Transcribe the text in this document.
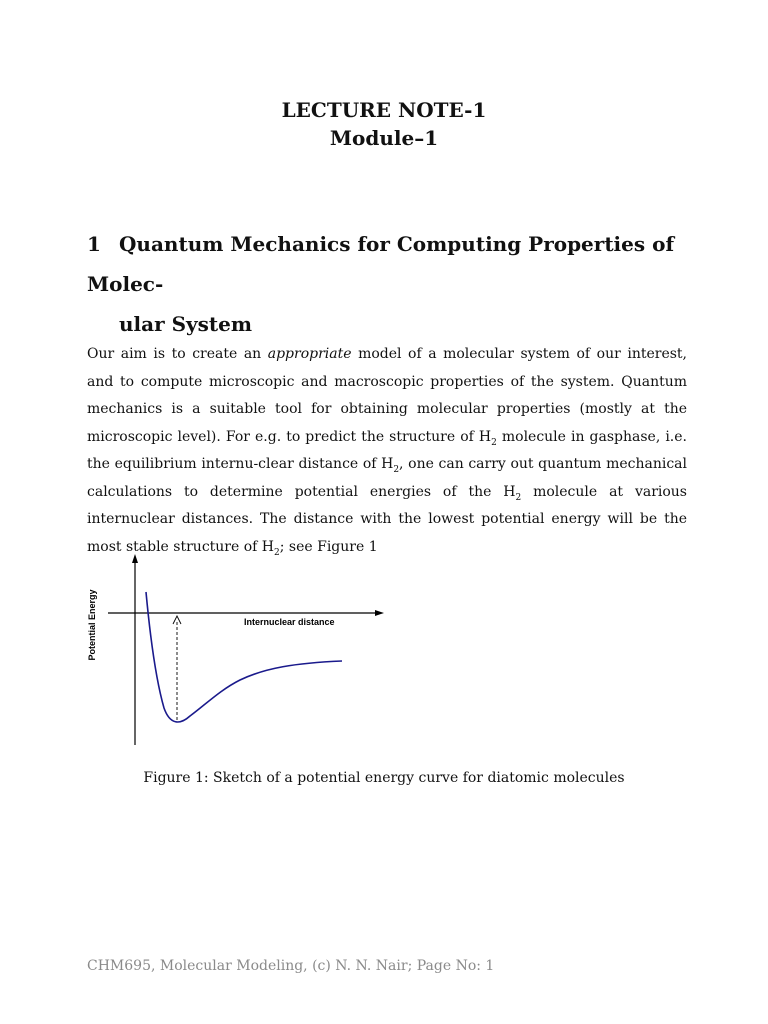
LECTURE NOTE-1
Module–1
1 Quantum Mechanics for Computing Properties of Molec-
ular System
Our aim is to create an appropriate model of a molecular system of our interest, and to compute microscopic and macroscopic properties of the system. Quantum mechanics is a suitable tool for obtaining molecular properties (mostly at the microscopic level). For e.g. to predict the structure of $H_2$ molecule in gasphase, i.e. the equilibrium internu-clear distance of $H_2$, one can carry out quantum mechanical calculations to determine potential energies of the $H_2$ molecule at various internuclear distances. The distance with the lowest potential energy will be the most stable structure of $H_2$; see Figure 1
Potential Energy	Internuclear distance
Figure 1: Sketch of a potential energy curve for diatomic molecules
CHM695, Molecular Modeling, (c) N. N. Nair; Page No: 1
